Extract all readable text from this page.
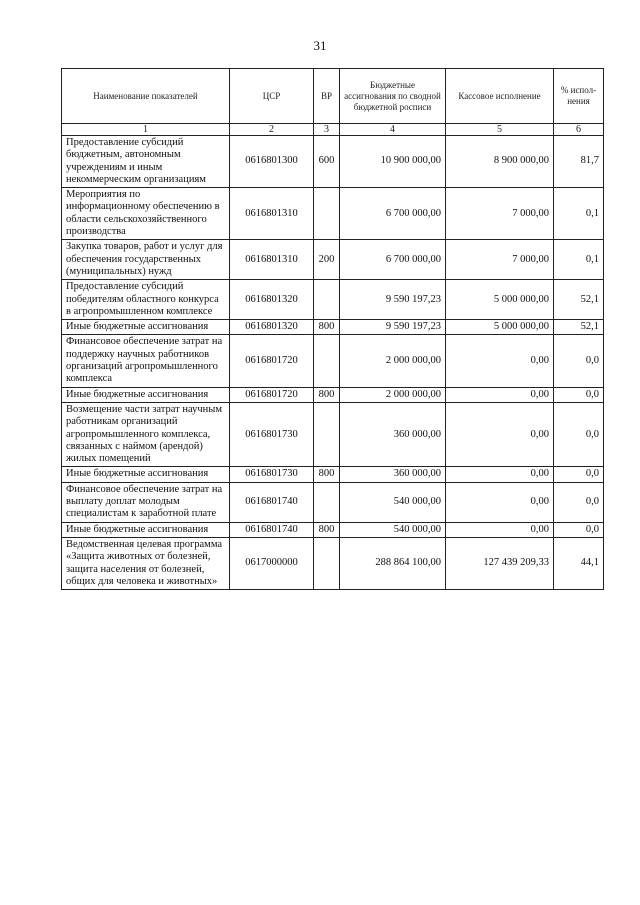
31
Наименование показателей	ЦСР	ВР	Бюджетные ассигнования по сводной бюджетной росписи	Кассовое исполнение	% испол-нения
1	2	3	4	5	6
Предоставление субсидий бюджетным, автономным учреждениям и иным некоммерческим организациям	0616801300	600	10 900 000,00	8 900 000,00	81,7
Мероприятия по информационному обеспечению в области сельскохозяйственного производства	0616801310		6 700 000,00	7 000,00	0,1
Закупка товаров, работ и услуг для обеспечения государственных (муниципальных) нужд	0616801310	200	6 700 000,00	7 000,00	0,1
Предоставление субсидий победителям областного конкурса в агропромышленном комплексе	0616801320		9 590 197,23	5 000 000,00	52,1
Иные бюджетные ассигнования	0616801320	800	9 590 197,23	5 000 000,00	52,1
Финансовое обеспечение затрат на поддержку научных работников организаций агропромышленного комплекса	0616801720		2 000 000,00	0,00	0,0
Иные бюджетные ассигнования	0616801720	800	2 000 000,00	0,00	0,0
Возмещение части затрат научным работникам организаций агропромышленного комплекса, связанных с наймом (арендой) жилых помещений	0616801730		360 000,00	0,00	0,0
Иные бюджетные ассигнования	0616801730	800	360 000,00	0,00	0,0
Финансовое обеспечение затрат на выплату доплат молодым специалистам к заработной плате	0616801740		540 000,00	0,00	0,0
Иные бюджетные ассигнования	0616801740	800	540 000,00	0,00	0,0
Ведомственная целевая программа «Защита животных от болезней, защита населения от болезней, общих для человека и животных»	0617000000		288 864 100,00	127 439 209,33	44,1
